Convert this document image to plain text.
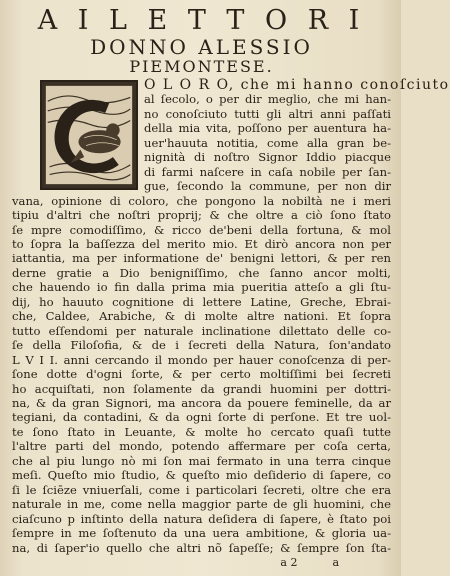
A I L E T T O R I
DONNO ALESSIO
PIEMONTESE.
O L O R O, che mi hanno conoſciuto
al ſecolo, o per dir meglio, che mi han-
no conoſciuto tutti gli altri anni paſſati
della mia vita, poſſono per auentura ha-
uer'hauuta notitia, come alla gran be-
nignità di noſtro Signor Iddio piacque
di farmi naſcere in caſa nobile per ſan-
gue, ſecondo la commune, per non dir
vana, opinione di coloro, che pongono la nobiltà ne i meri
tipiu d'altri che noſtri proprij; & che oltre a ciò ſono ſtato
ſe mpre comodiſſimo, & ricco de'beni della fortuna, & mol
to ſopra la baſſezza del merito mio. Et dirò ancora non per
iattantia, ma per informatione de' benigni lettori, & per ren
derne gratie a Dio benigniſſimo, che ſanno ancor molti,
che hauendo io fin dalla prima mia pueritia atteſo a gli ſtu-
dij, ho hauuto cognitione di lettere Latine, Greche, Ebrai-
che, Caldee, Arabiche, & di molte altre nationi. Et ſopra
tutto eſſendomi per naturale inclinatione dilettato delle co-
ſe della Filoſofia, & de i ſecreti della Natura, ſon'andato
L V I I. anni cercando il mondo per hauer conoſcenza di per-
ſone dotte d'ogni ſorte, & per certo moltiſſimi bei ſecreti
ho acquiſtati, non ſolamente da grandi huomini per dottri-
na, & da gran Signori, ma ancora da pouere feminelle, da ar
tegiani, da contadini, & da ogni ſorte di perſone. Et tre uol-
te ſono ſtato in Leuante, & molte ho cercato quaſi tutte
l'altre parti del mondo, potendo affermare per coſa certa,
che al piu lungo nò mi ſon mai fermato in una terra cinque
meſi. Queſto mio ſtudio, & queſto mio deſiderio di ſapere, co
ſi le ſciēze vniuerſali, come i particolari ſecreti, oltre che era
naturale in me, come nella maggior parte de gli huomini, che
ciaſcuno p inſtinto della natura deſidera di ſapere, è ſtato poi
ſempre in me ſoſtenuto da una uera ambitione, & gloria ua-
na, di ſaper'io quello che altri nõ ſapeſſe; & ſempre ſon ſta-
a 2	a
